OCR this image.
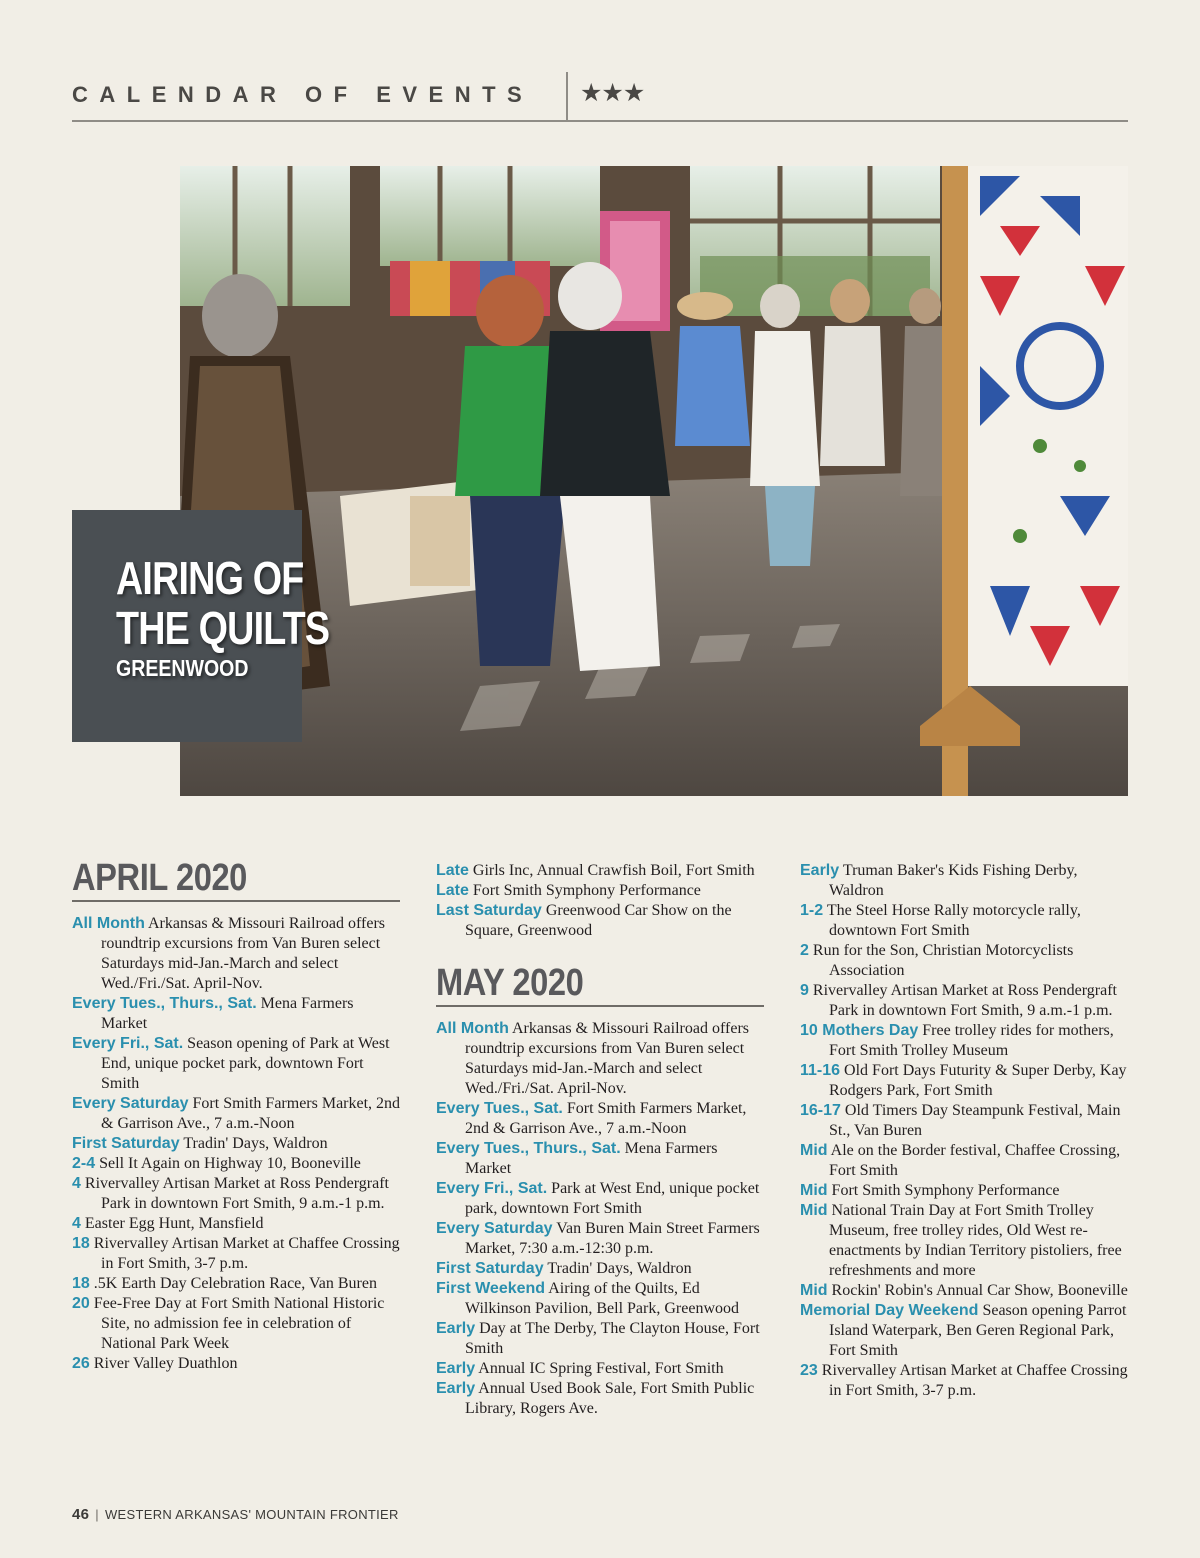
CALENDAR OF EVENTS ★★★
AIRING OF
THE QUILTS
GREENWOOD
APRIL 2020

All Month Arkansas & Missouri Railroad offers roundtrip excursions from Van Buren select Saturdays mid-Jan.-March and select Wed./Fri./Sat. April-Nov.

Every Tues., Thurs., Sat. Mena Farmers Market

Every Fri., Sat. Season opening of Park at West End, unique pocket park, downtown Fort Smith

Every Saturday Fort Smith Farmers Market, 2nd & Garrison Ave., 7 a.m.-Noon

First Saturday Tradin' Days, Waldron

2-4 Sell It Again on Highway 10, Booneville

4 Rivervalley Artisan Market at Ross Pendergraft Park in downtown Fort Smith, 9 a.m.-1 p.m.

4 Easter Egg Hunt, Mansfield

18 Rivervalley Artisan Market at Chaffee Crossing in Fort Smith, 3-7 p.m.

18 .5K Earth Day Celebration Race, Van Buren

20 Fee-Free Day at Fort Smith National Historic Site, no admission fee in celebration of National Park Week

26 River Valley Duathlon

Late Girls Inc, Annual Crawfish Boil, Fort Smith

Late Fort Smith Symphony Performance

Last Saturday Greenwood Car Show on the Square, Greenwood

MAY 2020

All Month Arkansas & Missouri Railroad offers roundtrip excursions from Van Buren select Saturdays mid-Jan.-March and select Wed./Fri./Sat. April-Nov.

Every Tues., Sat. Fort Smith Farmers Market, 2nd & Garrison Ave., 7 a.m.-Noon

Every Tues., Thurs., Sat. Mena Farmers Market

Every Fri., Sat. Park at West End, unique pocket park, downtown Fort Smith

Every Saturday Van Buren Main Street Farmers Market, 7:30 a.m.-12:30 p.m.

First Saturday Tradin' Days, Waldron

First Weekend Airing of the Quilts, Ed Wilkinson Pavilion, Bell Park, Greenwood

Early Day at The Derby, The Clayton House, Fort Smith

Early Annual IC Spring Festival, Fort Smith

Early Annual Used Book Sale, Fort Smith Public Library, Rogers Ave.

Early Truman Baker's Kids Fishing Derby, Waldron

1-2 The Steel Horse Rally motorcycle rally, downtown Fort Smith

2 Run for the Son, Christian Motorcyclists Association

9 Rivervalley Artisan Market at Ross Pendergraft Park in downtown Fort Smith, 9 a.m.-1 p.m.

10 Mothers Day Free trolley rides for mothers, Fort Smith Trolley Museum

11-16 Old Fort Days Futurity & Super Derby, Kay Rodgers Park, Fort Smith

16-17 Old Timers Day Steampunk Festival, Main St., Van Buren

Mid Ale on the Border festival, Chaffee Crossing, Fort Smith

Mid Fort Smith Symphony Performance

Mid National Train Day at Fort Smith Trolley Museum, free trolley rides, Old West re-enactments by Indian Territory pistoliers, free refreshments and more

Mid Rockin' Robin's Annual Car Show, Booneville

Memorial Day Weekend Season opening Parrot Island Waterpark, Ben Geren Regional Park, Fort Smith

23 Rivervalley Artisan Market at Chaffee Crossing in Fort Smith, 3-7 p.m.

46 | WESTERN ARKANSAS' MOUNTAIN FRONTIER
